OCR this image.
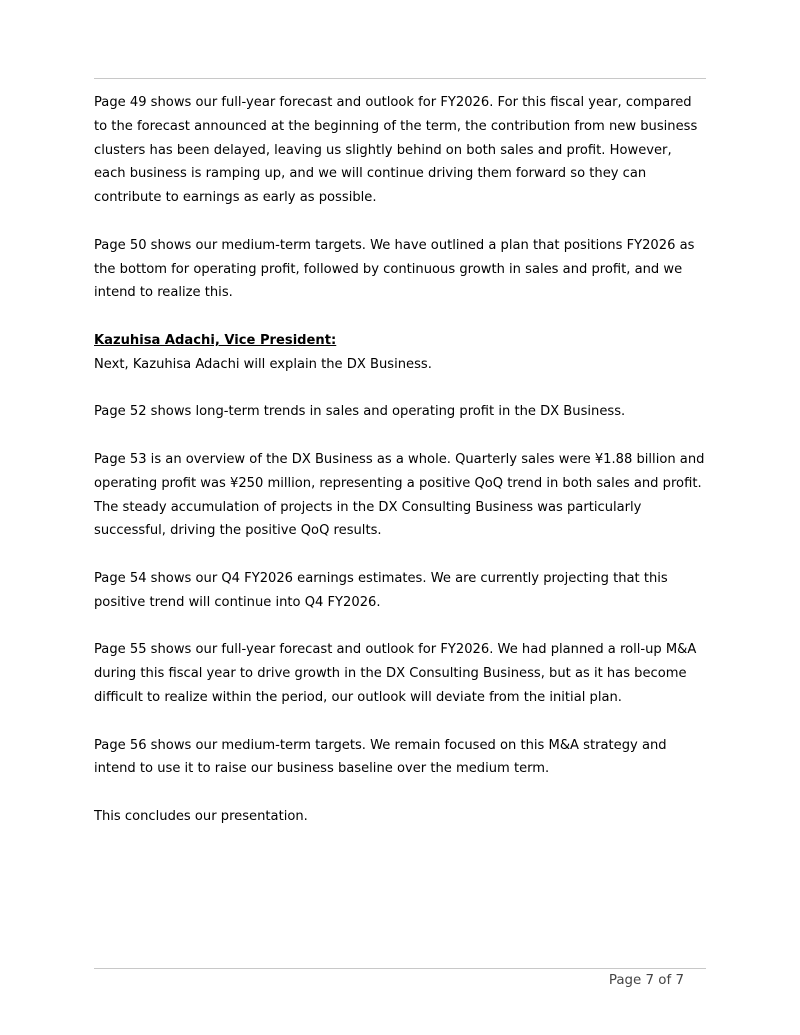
Page 49 shows our full-year forecast and outlook for FY2026. For this fiscal year, compared to the forecast announced at the beginning of the term, the contribution from new business clusters has been delayed, leaving us slightly behind on both sales and profit. However, each business is ramping up, and we will continue driving them forward so they can contribute to earnings as early as possible.

Page 50 shows our medium-term targets. We have outlined a plan that positions FY2026 as the bottom for operating profit, followed by continuous growth in sales and profit, and we intend to realize this.

Kazuhisa Adachi, Vice President:

Next, Kazuhisa Adachi will explain the DX Business.

Page 52 shows long-term trends in sales and operating profit in the DX Business.

Page 53 is an overview of the DX Business as a whole. Quarterly sales were ¥1.88 billion and operating profit was ¥250 million, representing a positive QoQ trend in both sales and profit. The steady accumulation of projects in the DX Consulting Business was particularly successful, driving the positive QoQ results.

Page 54 shows our Q4 FY2026 earnings estimates. We are currently projecting that this positive trend will continue into Q4 FY2026.

Page 55 shows our full-year forecast and outlook for FY2026. We had planned a roll-up M&A during this fiscal year to drive growth in the DX Consulting Business, but as it has become difficult to realize within the period, our outlook will deviate from the initial plan.

Page 56 shows our medium-term targets. We remain focused on this M&A strategy and intend to use it to raise our business baseline over the medium term.

This concludes our presentation.

Page 7 of 7
